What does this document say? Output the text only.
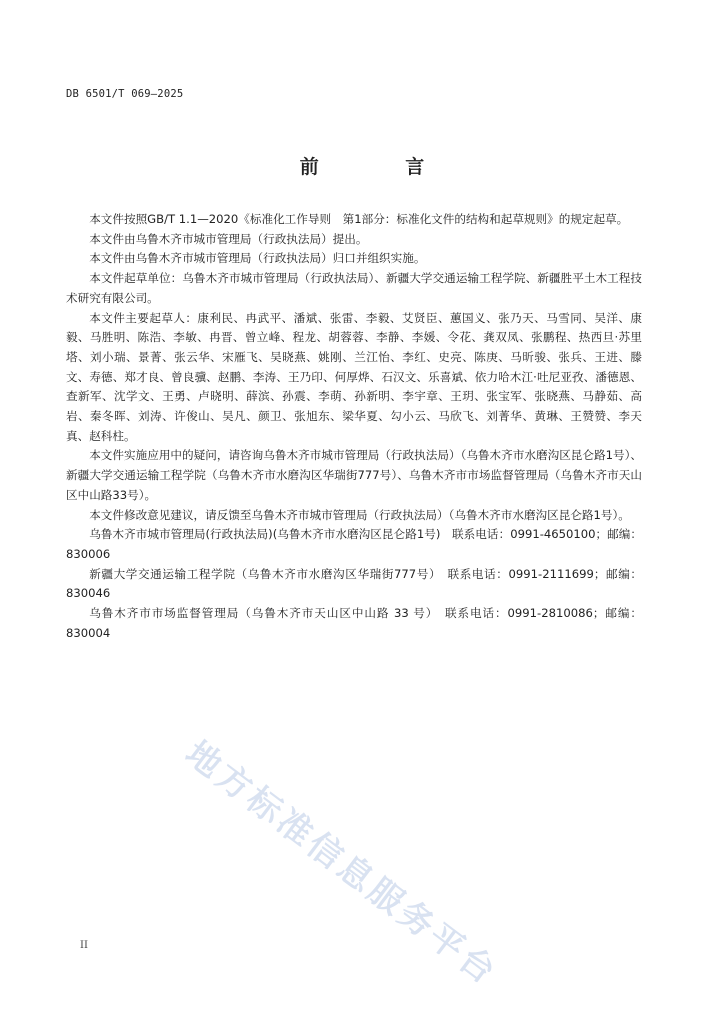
DB 6501/T 069—2025
前 言

本文件按照GB/T 1.1—2020《标准化工作导则　第1部分：标准化文件的结构和起草规则》的规定起草。

本文件由乌鲁木齐市城市管理局（行政执法局）提出。

本文件由乌鲁木齐市城市管理局（行政执法局）归口并组织实施。

本文件起草单位：乌鲁木齐市城市管理局（行政执法局）、新疆大学交通运输工程学院、新疆胜平土木工程技术研究有限公司。

本文件主要起草人：康利民、冉武平、潘斌、张雷、李毅、艾贤臣、蕙国义、张乃天、马雪同、吴洋、康毅、马胜明、陈浩、李敏、冉晋、曾立峰、程龙、胡蓉蓉、李静、李媛、令花、龚双凤、张鹏程、热西旦·苏里塔、刘小瑞、景菁、张云华、宋雁飞、吴晓燕、姚刚、兰江怡、李红、史亮、陈庚、马昕骏、张兵、王进、滕文、寿德、郑才良、曾良骥、赵鹏、李涛、王乃印、何厚烨、石汉文、乐喜斌、依力哈木江·吐尼亚孜、潘德恩、查新军、沈学文、王勇、卢晓明、薛滨、孙震、李萌、孙新明、李宇章、王玥、张宝军、张晓燕、马静茹、高岩、秦冬晖、刘涛、许俊山、吴凡、颜卫、张旭东、梁华夏、勾小云、马欣飞、刘菁华、黄琳、王赞赞、李天真、赵科柱。

本文件实施应用中的疑问，请咨询乌鲁木齐市城市管理局（行政执法局）（乌鲁木齐市水磨沟区昆仑路1号）、新疆大学交通运输工程学院（乌鲁木齐市水磨沟区华瑞街777号）、乌鲁木齐市市场监督管理局（乌鲁木齐市天山区中山路33号）。

本文件修改意见建议，请反馈至乌鲁木齐市城市管理局（行政执法局）（乌鲁木齐市水磨沟区昆仑路1号）。

乌鲁木齐市城市管理局(行政执法局)(乌鲁木齐市水磨沟区昆仑路1号)　联系电话：0991-4650100；邮编：830006

新疆大学交通运输工程学院（乌鲁木齐市水磨沟区华瑞街777号）　联系电话：0991-2111699；邮编：830046

乌鲁木齐市市场监督管理局（乌鲁木齐市天山区中山路 33 号）　联系电话：0991-2810086；邮编：830004

地方标准信息服务平台
II
